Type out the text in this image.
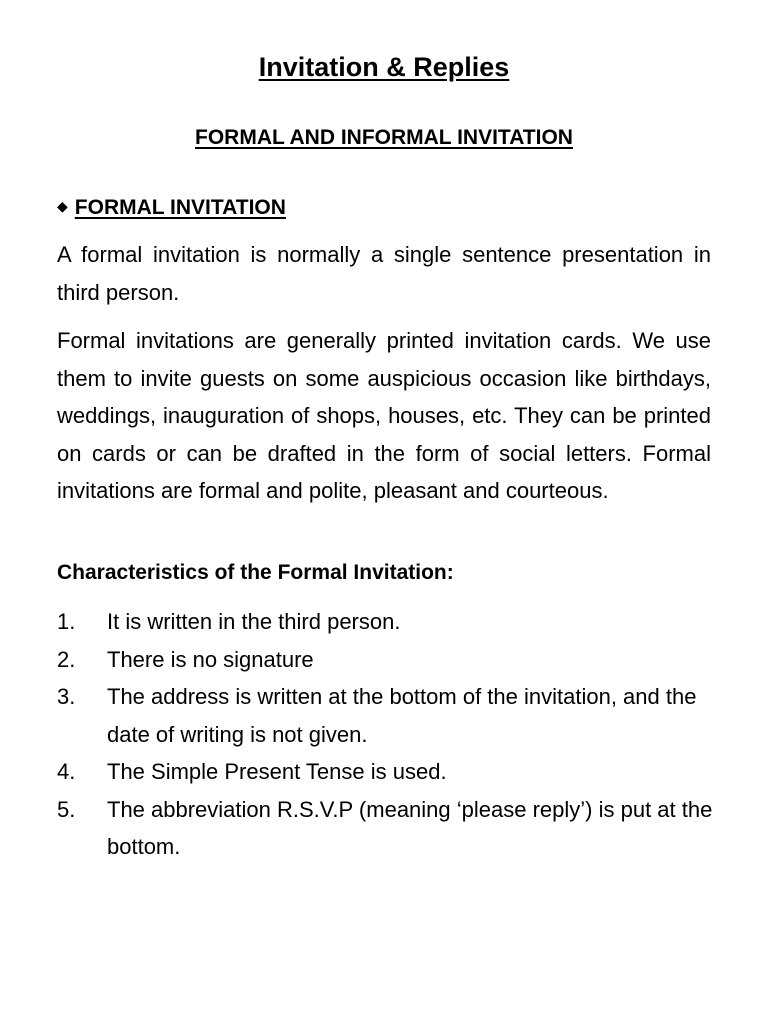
Invitation & Replies
FORMAL AND INFORMAL INVITATION
◆ FORMAL INVITATION

A formal invitation is normally a single sentence presentation in third person.

Formal invitations are generally printed invitation cards. We use them to invite guests on some auspicious occasion like birthdays, weddings, inauguration of shops, houses, etc. They can be printed on cards or can be drafted in the form of social letters. Formal invitations are formal and polite, pleasant and courteous.

Characteristics of the Formal Invitation:
1.	It is written in the third person.
2.	There is no signature
3.	The address is written at the bottom of the invitation, and the date of writing is not given.
4.	The Simple Present Tense is used.
5.	The abbreviation R.S.V.P (meaning ‘please reply’) is put at the bottom.
